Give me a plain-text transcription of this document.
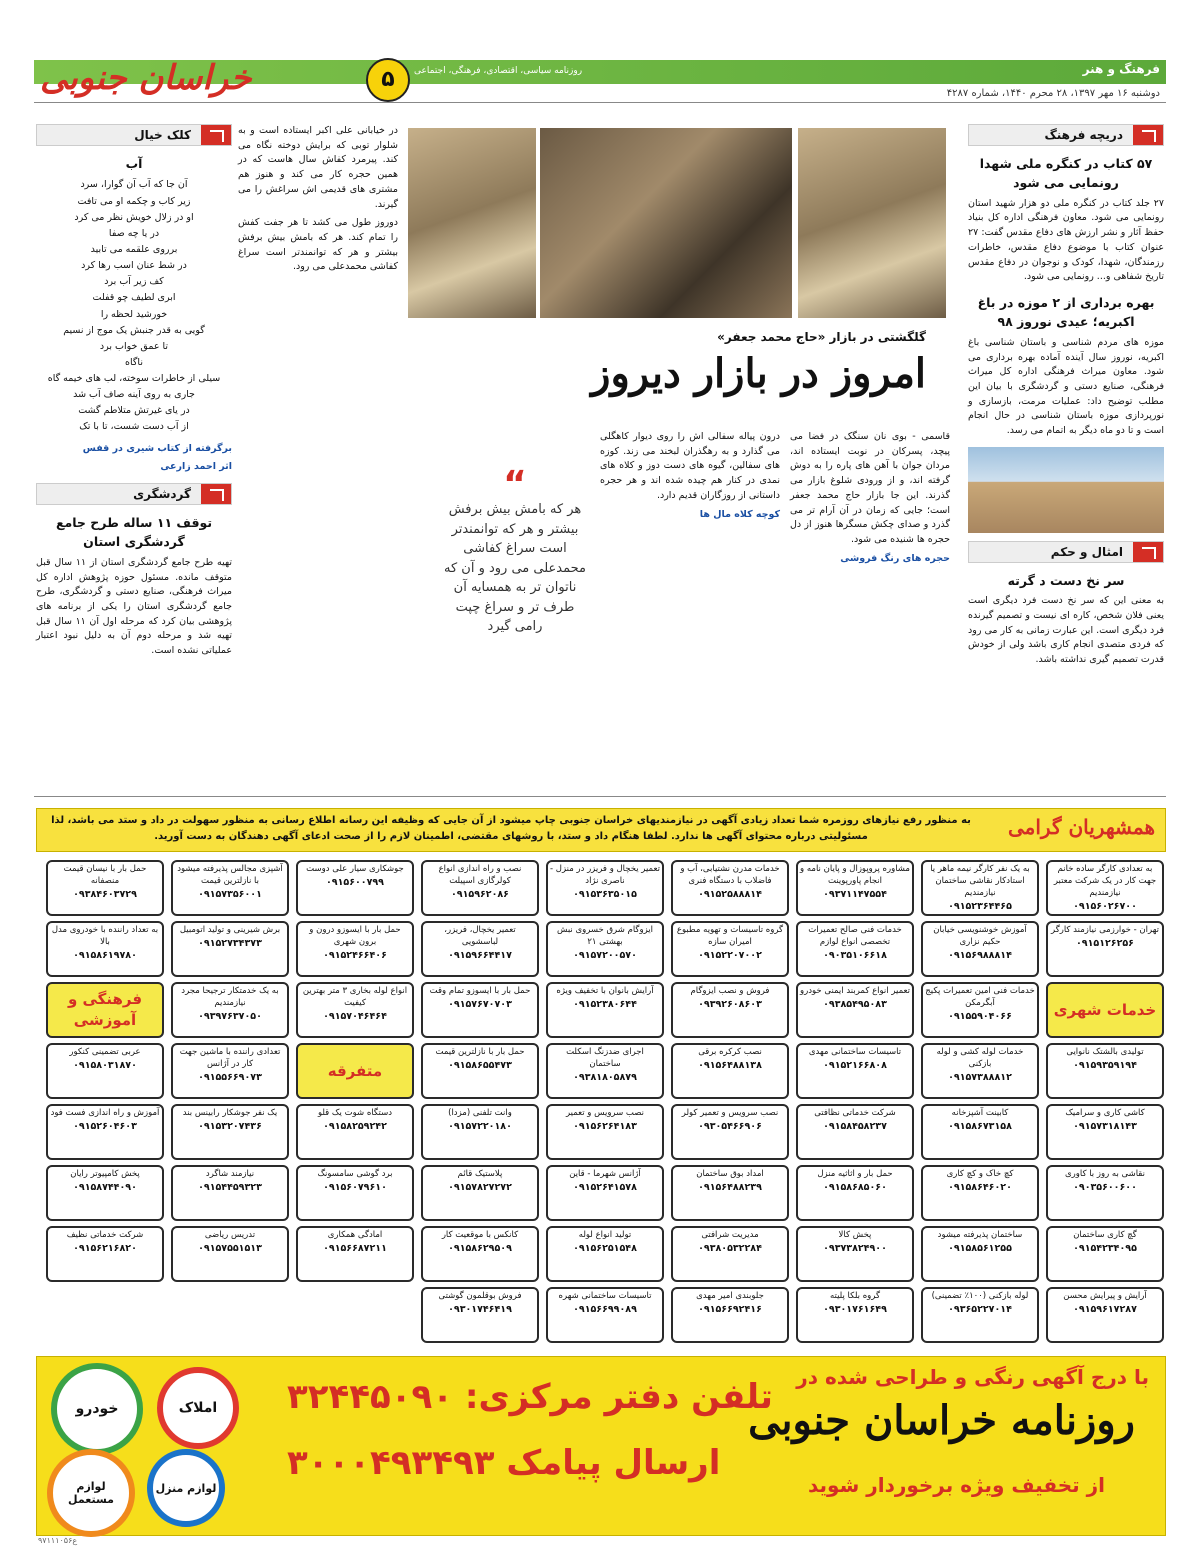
فرهنگ و هنر
خراسان جنوبی	۵	روزنامه سیاسی، اقتصادی، فرهنگی، اجتماعی
دوشنبه ۱۶ مهر ۱۳۹۷، ۲۸ محرم ۱۴۴۰، شماره ۴۲۸۷
دریچه فرهنگ
۵۷ کتاب در کنگره ملی شهدا رونمایی می شود

۲۷ جلد کتاب در کنگره ملی دو هزار شهید استان رونمایی می شود. معاون فرهنگی اداره کل بنیاد حفظ آثار و نشر ارزش های دفاع مقدس گفت: ۲۷ عنوان کتاب با موضوع دفاع مقدس، خاطرات رزمندگان، شهدا، کودک و نوجوان در دفاع مقدس تاریخ شفاهی و... رونمایی می شود.

بهره برداری از ۲ موزه در باغ اکبریه؛ عیدی نوروز ۹۸

موزه های مردم شناسی و باستان شناسی باغ اکبریه، نوروز سال آینده آماده بهره برداری می شود. معاون میراث فرهنگی اداره کل میراث فرهنگی، صنایع دستی و گردشگری با بیان این مطلب توضیح داد: عملیات مرمت، بازسازی و نورپردازی موزه باستان شناسی در حال انجام است و تا دو ماه دیگر به اتمام می رسد.

امثال و حکم
سر نخ دست د گرته

به معنی این که سر نخ دست فرد دیگری است یعنی فلان شخص، کاره ای نیست و تصمیم گیرنده فرد دیگری است. این عبارت زمانی به کار می رود که فردی متصدی انجام کاری باشد ولی از خودش قدرت تصمیم گیری نداشته باشد.

گلگشتی در بازار «حاج محمد جعفر»
امروز در بازار دیروز

قاسمی - بوی نان سنگک در فضا می پیچد، پسرکان در نوبت ایستاده اند، مردان جوان با آهن های پاره را به دوش گرفته اند، و از ورودی شلوغ بازار می گذرند. این جا بازار حاج محمد جعفر است؛ جایی که زمان در آن آرام تر می گذرد و صدای چکش مسگرها هنوز از دل حجره ها شنیده می شود.

حجره های رنگ فروشی

درون پیاله سفالی اش را روی دیوار کاهگلی می گذارد و به رهگذران لبخند می زند. کوزه های سفالین، گیوه های دست دوز و کلاه های نمدی در کنار هم چیده شده اند و هر حجره داستانی از روزگاران قدیم دارد.

کوچه کلاه مال ها

“
هر که بامش بیش برفش بیشتر و هر که توانمندتر است سراغ کفاشی محمدعلی می رود و آن که ناتوان تر به همسایه آن طرف تر و سراغ چپت رامی گیرد

در خیابانی علی اکبر ایستاده است و به شلوار توبی که برایش دوخته نگاه می کند. پیرمرد کفاش سال هاست که در همین حجره کار می کند و هنوز هم مشتری های قدیمی اش سراغش را می گیرند.

دوروز طول می کشد تا هر جفت کفش را تمام کند. هر که بامش بیش برفش بیشتر و هر که توانمندتر است سراغ کفاشی محمدعلی می رود.

کلک خیال
آب
آن جا که آب آن گوارا، سرد
زیر کاب و چکمه او می تافت
او در زلال خویش نظر می کرد
در یا چه صفا
برروی علقمه می تابید
در شط عنان اسب رها کرد
کف زیر آب برد
ابری لطیف چو قفلت
خورشید لحظه را
گویی به قدر جنبش یک موج از نسیم
تا عمق خواب برد
ناگاه
سیلی از خاطرات سوخته، لب های خیمه گاه
جاری به روی آینه صاف آب شد
در یای غیرتش متلاطم گشت
از آب دست شست، تا با تک

برگرفته از کتاب شیری در قفس

اثر احمد زارعی

گردشگری
توقف ۱۱ ساله طرح جامع گردشگری استان

تهیه طرح جامع گردشگری استان از ۱۱ سال قبل متوقف مانده. مسئول حوزه پژوهش اداره کل میراث فرهنگی، صنایع دستی و گردشگری، طرح جامع گردشگری استان را یکی از برنامه های پژوهشی بیان کرد که مرحله اول آن ۱۱ سال قبل تهیه شد و مرحله دوم آن به دلیل نبود اعتبار عملیاتی نشده است.

همشهریان گرامی
به منظور رفع نیازهای روزمره شما تعداد زیادی آگهی در نیازمندیهای خراسان جنوبی چاپ میشود از آن جایی که وظیفه این رسانه اطلاع رسانی به منظور سهولت در داد و ستد می باشد، لذا مسئولیتی درباره محتوای آگهی ها ندارد. لطفا هنگام داد و ستد، با روشهای مقتضی، اطمینان لازم را از صحت ادعای آگهی دهندگان به دست آورید.
به تعدادی کارگر ساده خانم جهت کار در یک شرکت معتبر نیازمندیم
۰۹۱۵۶۰۲۶۷۰۰
به یک نفر کارگر نیمه ماهر یا استادکار نقاشی ساختمان نیازمندیم
۰۹۱۵۲۳۶۴۴۶۵
مشاوره پروپوزال و پایان نامه و انجام پاورپوینت
۰۹۳۷۱۱۴۷۵۵۴
خدمات مدرن نشتیابی، آب و فاضلاب با دستگاه فنری
۰۹۱۵۲۵۸۸۸۱۴
تعمیر یخچال و فریزر در منزل - ناصری نژاد
۰۹۱۵۳۶۳۵۰۱۵
نصب و راه اندازی انواع کولرگازی اسپیلت
۰۹۱۵۹۶۲۰۸۶
جوشکاری سیار علی دوست
۰۹۱۵۶۰۰۷۹۹
آشپزی مجالس پذیرفته میشود با نازلترین قیمت
۰۹۱۵۷۳۵۶۰۰۱
حمل بار با نیسان قیمت منصفانه
۰۹۳۸۴۶۰۳۷۲۹
تهران - خوارزمی نیازمند کارگر
۰۹۱۵۱۲۶۲۵۶
آموزش خوشنویسی خیابان حکیم نزاری
۰۹۱۵۶۹۸۸۸۱۴
خدمات فنی صالح تعمیرات تخصصی انواع لوازم
۰۹۰۳۵۱۰۶۶۱۸
گروه تاسیسات و تهویه مطبوع امیران سازه
۰۹۱۵۲۲۰۷۰۰۲
ایزوگام شرق خسروی نبش بهشتی ۲۱
۰۹۱۵۷۲۰۰۵۷۰
تعمیر یخچال، فریزر، لباسشویی
۰۹۱۵۹۶۶۴۴۱۷
حمل بار با ایسوزو درون و برون شهری
۰۹۱۵۲۴۶۶۴۰۶
برش شیرینی و تولید اتومبیل
۰۹۱۵۲۷۳۴۳۷۳
به تعداد راننده با خودروی مدل بالا
۰۹۱۵۸۶۱۹۷۸۰
خدمات شهری
خدمات فنی امین تعمیرات پکیج آبگرمکن
۰۹۱۵۵۹۰۴۰۶۶
تعمیر انواع کمربند ایمنی خودرو
۰۹۳۸۵۴۹۵۰۸۳
فروش و نصب ایزوگام
۰۹۳۹۲۶۰۸۶۰۳
آرایش بانوان با تخفیف ویژه
۰۹۱۵۲۳۸۰۶۴۴
حمل بار با ایسوزو تمام وقت
۰۹۱۵۷۶۷۰۷۰۳
انواع لوله بخاری ۳ متر بهترین کیفیت
۰۹۱۵۷۰۴۶۴۶۴
به یک خدمتکار ترجیحا مجرد نیازمندیم
۰۹۳۹۷۶۳۷۰۵۰
فرهنگی و آموزشی
تولیدی بالشتک نانوایی
۰۹۱۵۹۳۵۹۱۹۴
خدمات لوله کشی و لوله بازکنی
۰۹۱۵۷۳۸۸۸۱۲
تاسیسات ساختمانی مهدی
۰۹۱۵۲۱۶۶۸۰۸
نصب کرکره برقی
۰۹۱۵۶۴۸۸۱۳۸
اجرای ضدزنگ اسکلت ساختمان
۰۹۳۸۱۸۰۵۸۷۹
حمل بار با نازلترین قیمت
۰۹۱۵۸۶۵۵۴۷۳
متفرقه
تعدادی راننده با ماشین جهت کار در آژانس
۰۹۱۵۵۶۶۹۰۷۳
عربی تضمینی کنکور
۰۹۱۵۸۰۳۱۸۷۰
کاشی کاری و سرامیک
۰۹۱۵۷۳۱۸۱۴۳
کابینت آشپزخانه
۰۹۱۵۸۶۷۳۱۵۸
شرکت خدماتی نظافتی
۰۹۱۵۸۴۵۸۲۳۷
نصب سرویس و تعمیر کولر
۰۹۳۰۵۴۶۶۹۰۶
نصب سرویس و تعمیر
۰۹۱۵۶۲۶۴۱۸۳
وانت تلفنی (مزدا)
۰۹۱۵۷۲۲۰۱۸۰
دستگاه شوت یک قلو
۰۹۱۵۸۲۵۹۲۴۲
یک نفر جوشکار رابینس بند
۰۹۱۵۳۲۰۷۴۳۶
آموزش و راه اندازی فست فود
۰۹۱۵۲۶۰۴۶۰۳
نقاشی به روز با کاوری
۰۹۰۳۵۶۰۰۶۰۰
کچ خاک و کچ کاری
۰۹۱۵۸۶۴۶۰۲۰
حمل بار و اثاثیه منزل
۰۹۱۵۸۶۸۵۰۶۰
امداد بوق ساختمان
۰۹۱۵۶۴۸۸۲۳۹
آژانس شهرما - قاین
۰۹۱۵۲۶۴۱۵۷۸
پلاستیک قائم
۰۹۱۵۷۸۲۷۲۷۲
برد گوشی سامسونگ
۰۹۱۵۶۰۷۹۶۱۰
نیازمند شاگرد
۰۹۱۵۴۴۵۹۳۲۳
پخش کامپیوتر رایان
۰۹۱۵۸۷۴۴۰۹۰
گچ کاری ساختمان
۰۹۱۵۴۲۳۴۰۹۵
ساختمان پذیرفته میشود
۰۹۱۵۸۵۶۱۲۵۵
پخش کالا
۰۹۳۷۳۸۲۴۹۰۰
مدیریت شرافتی
۰۹۳۸۰۵۳۲۲۸۴
تولید انواع لوله
۰۹۱۵۶۲۵۱۵۴۸
کانکس با موقعیت کار
۰۹۱۵۸۶۲۹۵۰۹
امادگی همکاری
۰۹۱۵۶۶۸۷۲۱۱
تدریس ریاضی
۰۹۱۵۷۵۵۱۵۱۳
شرکت خدماتی نظیف
۰۹۱۵۶۲۱۶۸۲۰
آرایش و پیرایش محسن
۰۹۱۵۹۶۱۷۲۸۷
لوله بازکنی (۱۰۰٪ تضمینی)
۰۹۳۶۵۲۲۷۰۱۴
گروه بلکا پلیته
۰۹۳۰۱۷۶۱۶۴۹
جلوبندی امیر مهدی
۰۹۱۵۶۶۹۲۴۱۶
تاسیسات ساختمانی شهره
۰۹۱۵۶۶۹۹۰۸۹
فروش بوقلمون گوشتی
۰۹۳۰۱۷۴۶۴۱۹
با درج آگهی رنگی و طراحی شده در
روزنامه خراسان جنوبی
از تخفیف ویژه برخوردار شوید
تلفن دفتر مرکزی: ۳۲۴۴۵۰۹۰
ارسال پیامک ۳۰۰۰۴۹۳۴۹۳
املاک
خودرو
لوازم منزل
لوازم مستعمل
ع۹۷۱۱۱۰۵۶
